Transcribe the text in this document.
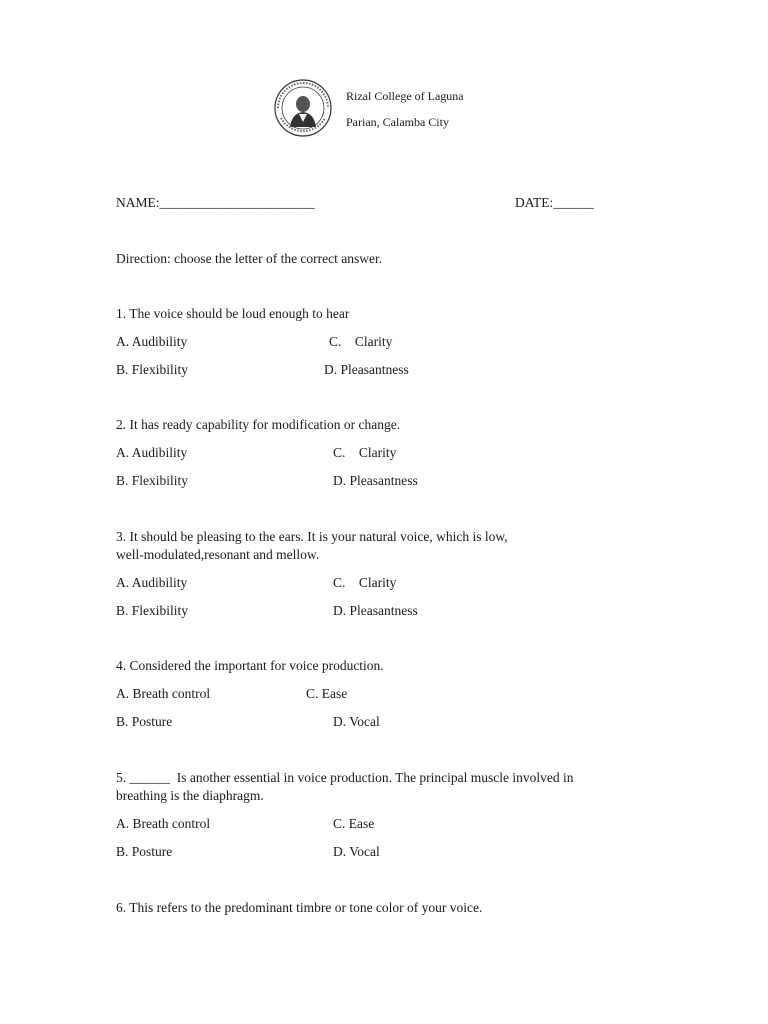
Rizal College of Laguna
Parian, Calamba City
NAME:_______________________	DATE:______
Direction: choose the letter of the correct answer.
1. The voice should be loud enough to hear
A. Audibility	C.    Clarity
B. Flexibility	D. Pleasantness
2. It has ready capability for modification or change.
A. Audibility	C.    Clarity
B. Flexibility	D. Pleasantness
3. It should be pleasing to the ears. It is your natural voice, which is low,
well-modulated,resonant and mellow.
A. Audibility	C.    Clarity
B. Flexibility	D. Pleasantness
4. Considered the important for voice production.
A. Breath control	C. Ease
B. Posture	D. Vocal
5. ______  Is another essential in voice production. The principal muscle involved in
breathing is the diaphragm.
A. Breath control	C. Ease
B. Posture	D. Vocal
6. This refers to the predominant timbre or tone color of your voice.
